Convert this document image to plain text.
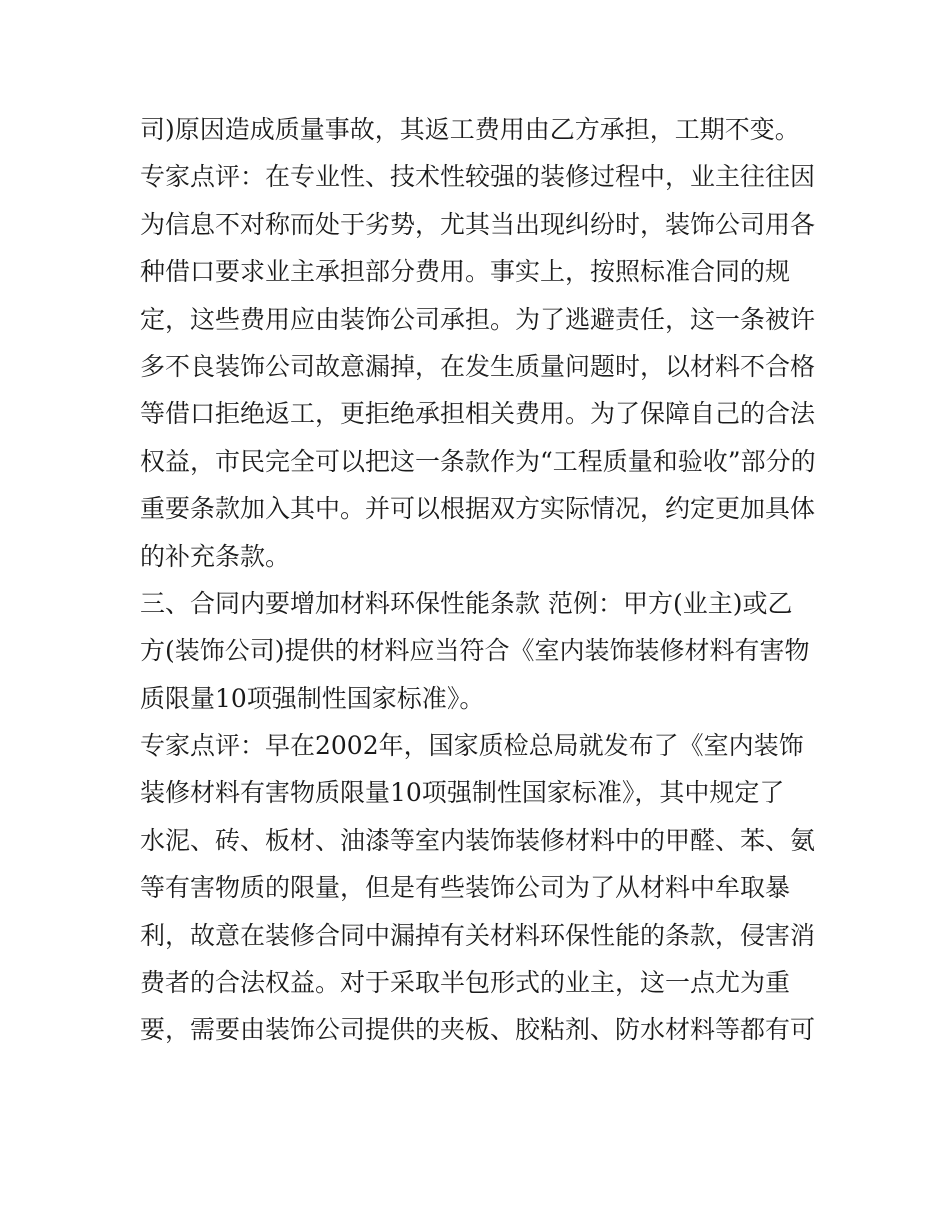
司)原因造成质量事故，其返工费用由乙方承担，工期不变。
专家点评：在专业性、技术性较强的装修过程中，业主往往因
为信息不对称而处于劣势，尤其当出现纠纷时，装饰公司用各
种借口要求业主承担部分费用。事实上，按照标准合同的规
定，这些费用应由装饰公司承担。为了逃避责任，这一条被许
多不良装饰公司故意漏掉，在发生质量问题时，以材料不合格
等借口拒绝返工，更拒绝承担相关费用。为了保障自己的合法
权益，市民完全可以把这一条款作为“工程质量和验收”部分的
重要条款加入其中。并可以根据双方实际情况，约定更加具体
的补充条款。
三、合同内要增加材料环保性能条款 范例：甲方(业主)或乙
方(装饰公司)提供的材料应当符合《室内装饰装修材料有害物
质限量10项强制性国家标准》。
专家点评：早在2002年，国家质检总局就发布了《室内装饰
装修材料有害物质限量10项强制性国家标准》，其中规定了
水泥、砖、板材、油漆等室内装饰装修材料中的甲醛、苯、氨
等有害物质的限量，但是有些装饰公司为了从材料中牟取暴
利，故意在装修合同中漏掉有关材料环保性能的条款，侵害消
费者的合法权益。对于采取半包形式的业主，这一点尤为重
要，需要由装饰公司提供的夹板、胶粘剂、防水材料等都有可
